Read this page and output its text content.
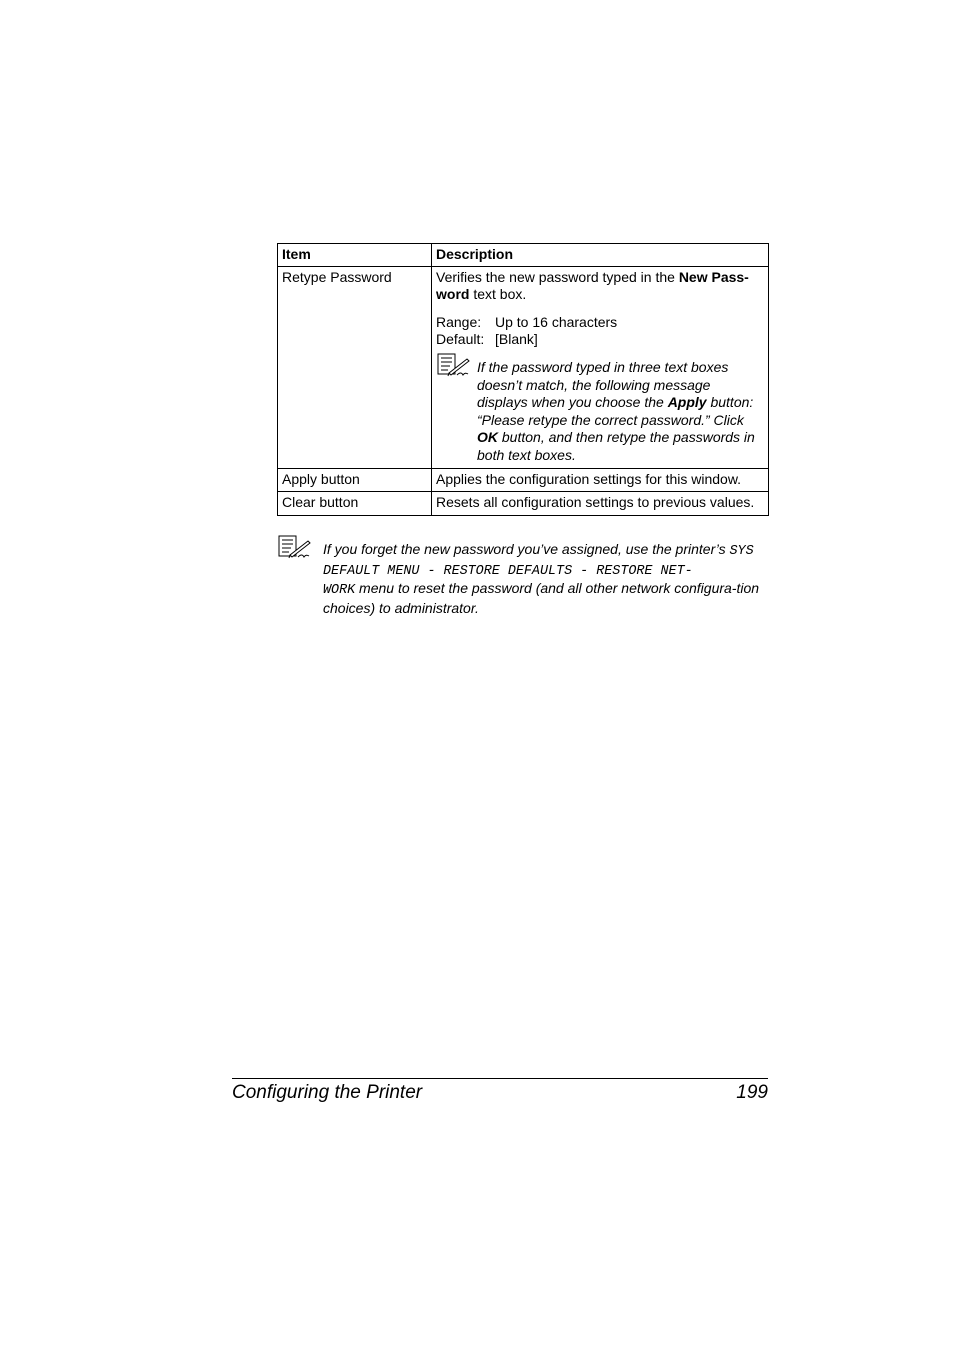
Item	Description
Retype Password	Verifies the new password typed in the New Pass-
word text box.

Range: Up to 16 characters
Default: [Blank]
If the password typed in three text boxes doesn’t match, the following message displays when you choose the Apply button: “Please retype the correct password.” Click OK button, and then retype the passwords in both text boxes.

Apply button	Applies the configuration settings for this window.
Clear button	Resets all configuration settings to previous values.
If you forget the new password you’ve assigned, use the printer’s SYS DEFAULT MENU - RESTORE DEFAULTS - RESTORE NET-
WORK menu to reset the password (and all other network configura-tion choices) to administrator.
Configuring the Printer	199
